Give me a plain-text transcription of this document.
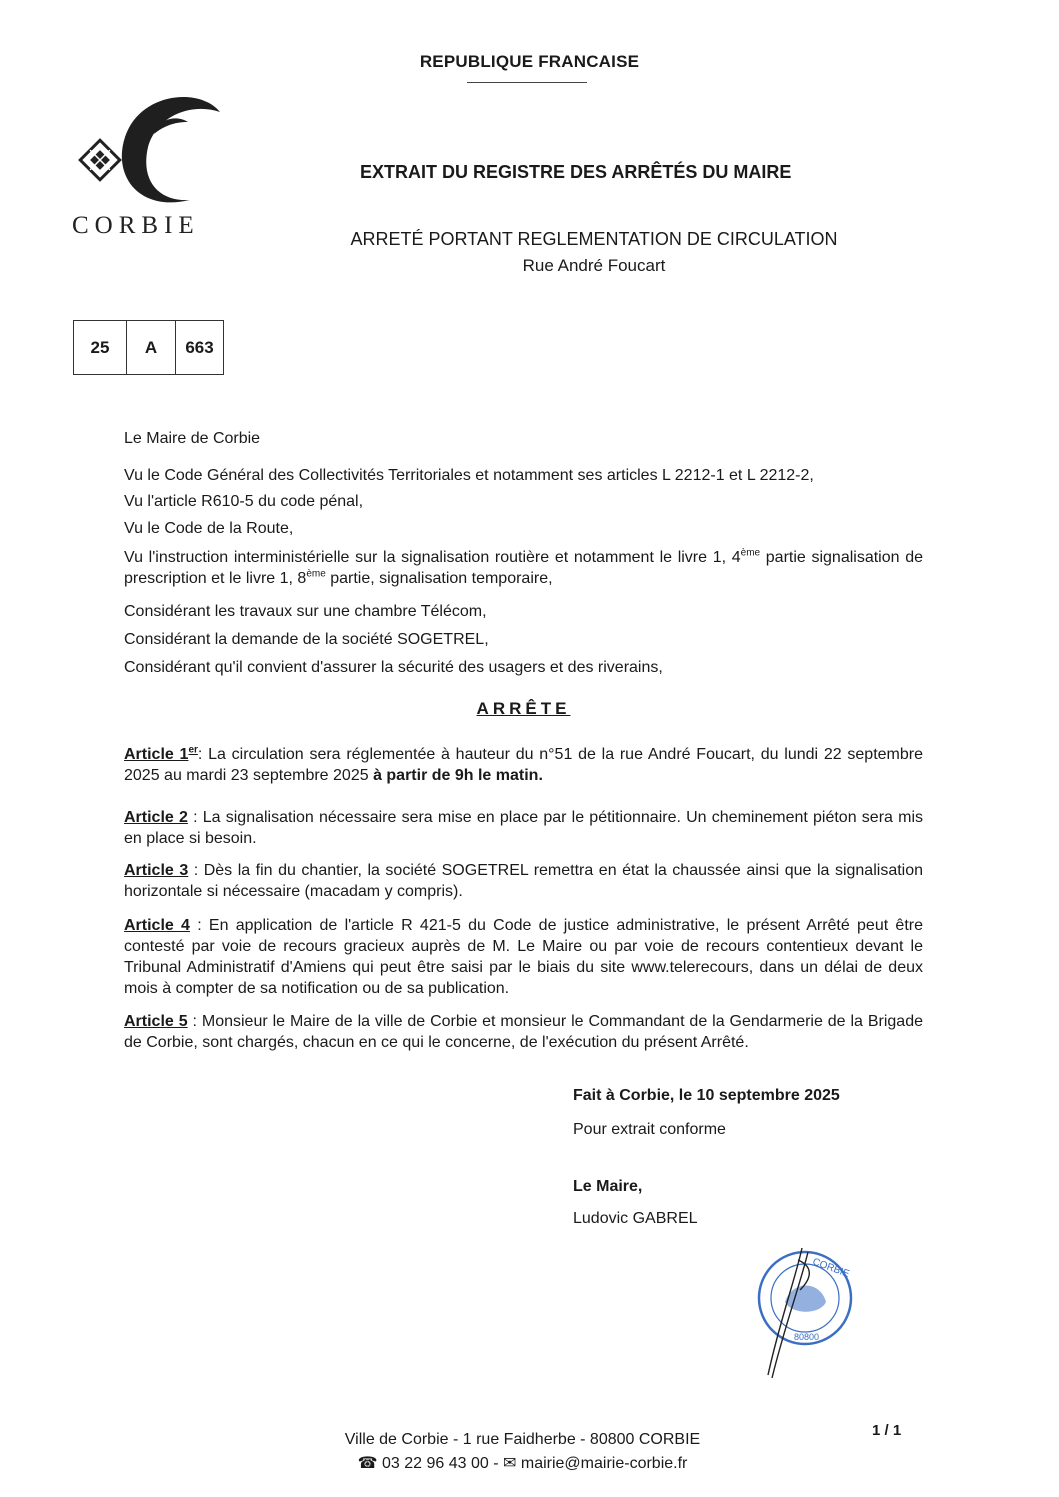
REPUBLIQUE FRANCAISE
CORBIE
EXTRAIT DU REGISTRE DES ARRÊTÉS DU MAIRE
ARRETÉ PORTANT REGLEMENTATION DE CIRCULATION
Rue André Foucart
25	A	663
Le Maire de Corbie
Vu le Code Général des Collectivités Territoriales et notamment ses articles L 2212-1 et L 2212-2,
Vu l'article R610-5 du code pénal,
Vu le Code de la Route,
Vu l'instruction interministérielle sur la signalisation routière et notamment le livre 1, 4ème partie signalisation de prescription et le livre 1, 8ème partie, signalisation temporaire,
Considérant les travaux sur une chambre Télécom,
Considérant la demande de la société SOGETREL,
Considérant qu'il convient d'assurer la sécurité des usagers et des riverains,
ARRÊTE
Article 1er: La circulation sera réglementée à hauteur du n°51 de la rue André Foucart, du lundi 22 septembre 2025 au mardi 23 septembre 2025 à partir de 9h le matin.
Article 2 : La signalisation nécessaire sera mise en place par le pétitionnaire. Un cheminement piéton sera mis en place si besoin.
Article 3 : Dès la fin du chantier, la société SOGETREL remettra en état la chaussée ainsi que la signalisation horizontale si nécessaire (macadam y compris).
Article 4 : En application de l'article R 421-5 du Code de justice administrative, le présent Arrêté peut être contesté par voie de recours gracieux auprès de M. Le Maire ou par voie de recours contentieux devant le Tribunal Administratif d'Amiens qui peut être saisi par le biais du site www.telerecours, dans un délai de deux mois à compter de sa notification ou de sa publication.
Article 5 : Monsieur le Maire de la ville de Corbie et monsieur le Commandant de la Gendarmerie de la Brigade de Corbie, sont chargés, chacun en ce qui le concerne, de l'exécution du présent Arrêté.
Fait à Corbie, le 10 septembre 2025
Pour extrait conforme
Le Maire,
Ludovic GABREL
CORBIE
80800
1 / 1
Ville de Corbie - 1 rue Faidherbe - 80800 CORBIE
☎ 03 22 96 43 00 - ✉ mairie@mairie-corbie.fr
